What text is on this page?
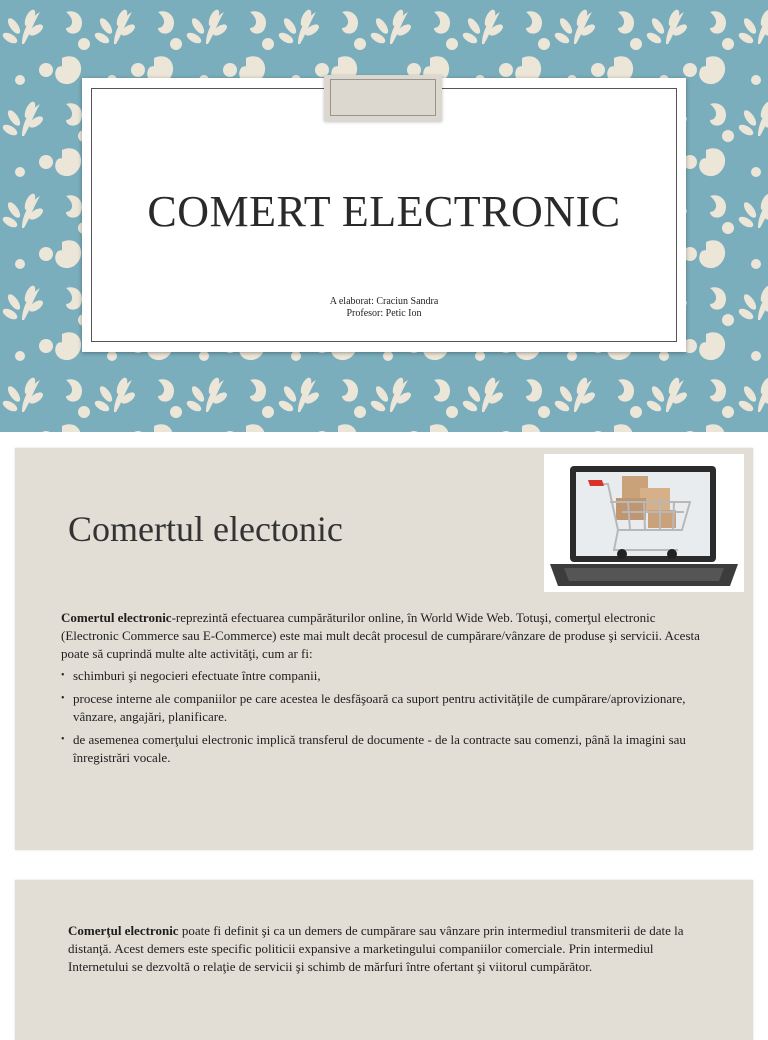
COMERT ELECTRONIC
A elaborat: Craciun Sandra
Profesor: Petic Ion
Comertul electonic

Comertul electronic-reprezintă efectuarea cumpărăturilor online, în World Wide Web. Totuşi, comerţul electronic (Electronic Commerce sau E-Commerce) este mai mult decât procesul de cumpărare/vânzare de produse şi servicii. Acesta poate să cuprindă multe alte activităţi, cum ar fi:

• schimburi şi negocieri efectuate între companii,
• procese interne ale companiilor pe care acestea le desfăşoară ca suport pentru activităţile de cumpărare/aprovizionare, vânzare, angajări, planificare.
• de asemenea comerţului electronic implică transferul de documente - de la contracte sau comenzi, până la imagini sau înregistrări vocale.
Comerţul electronic poate fi definit şi ca un demers de cumpărare sau vânzare prin intermediul transmiterii de date la distanţă. Acest demers este specific politicii expansive a marketingului companiilor comerciale. Prin intermediul Internetului se dezvoltă o relaţie de servicii şi schimb de mărfuri între ofertant şi viitorul cumpărător.
